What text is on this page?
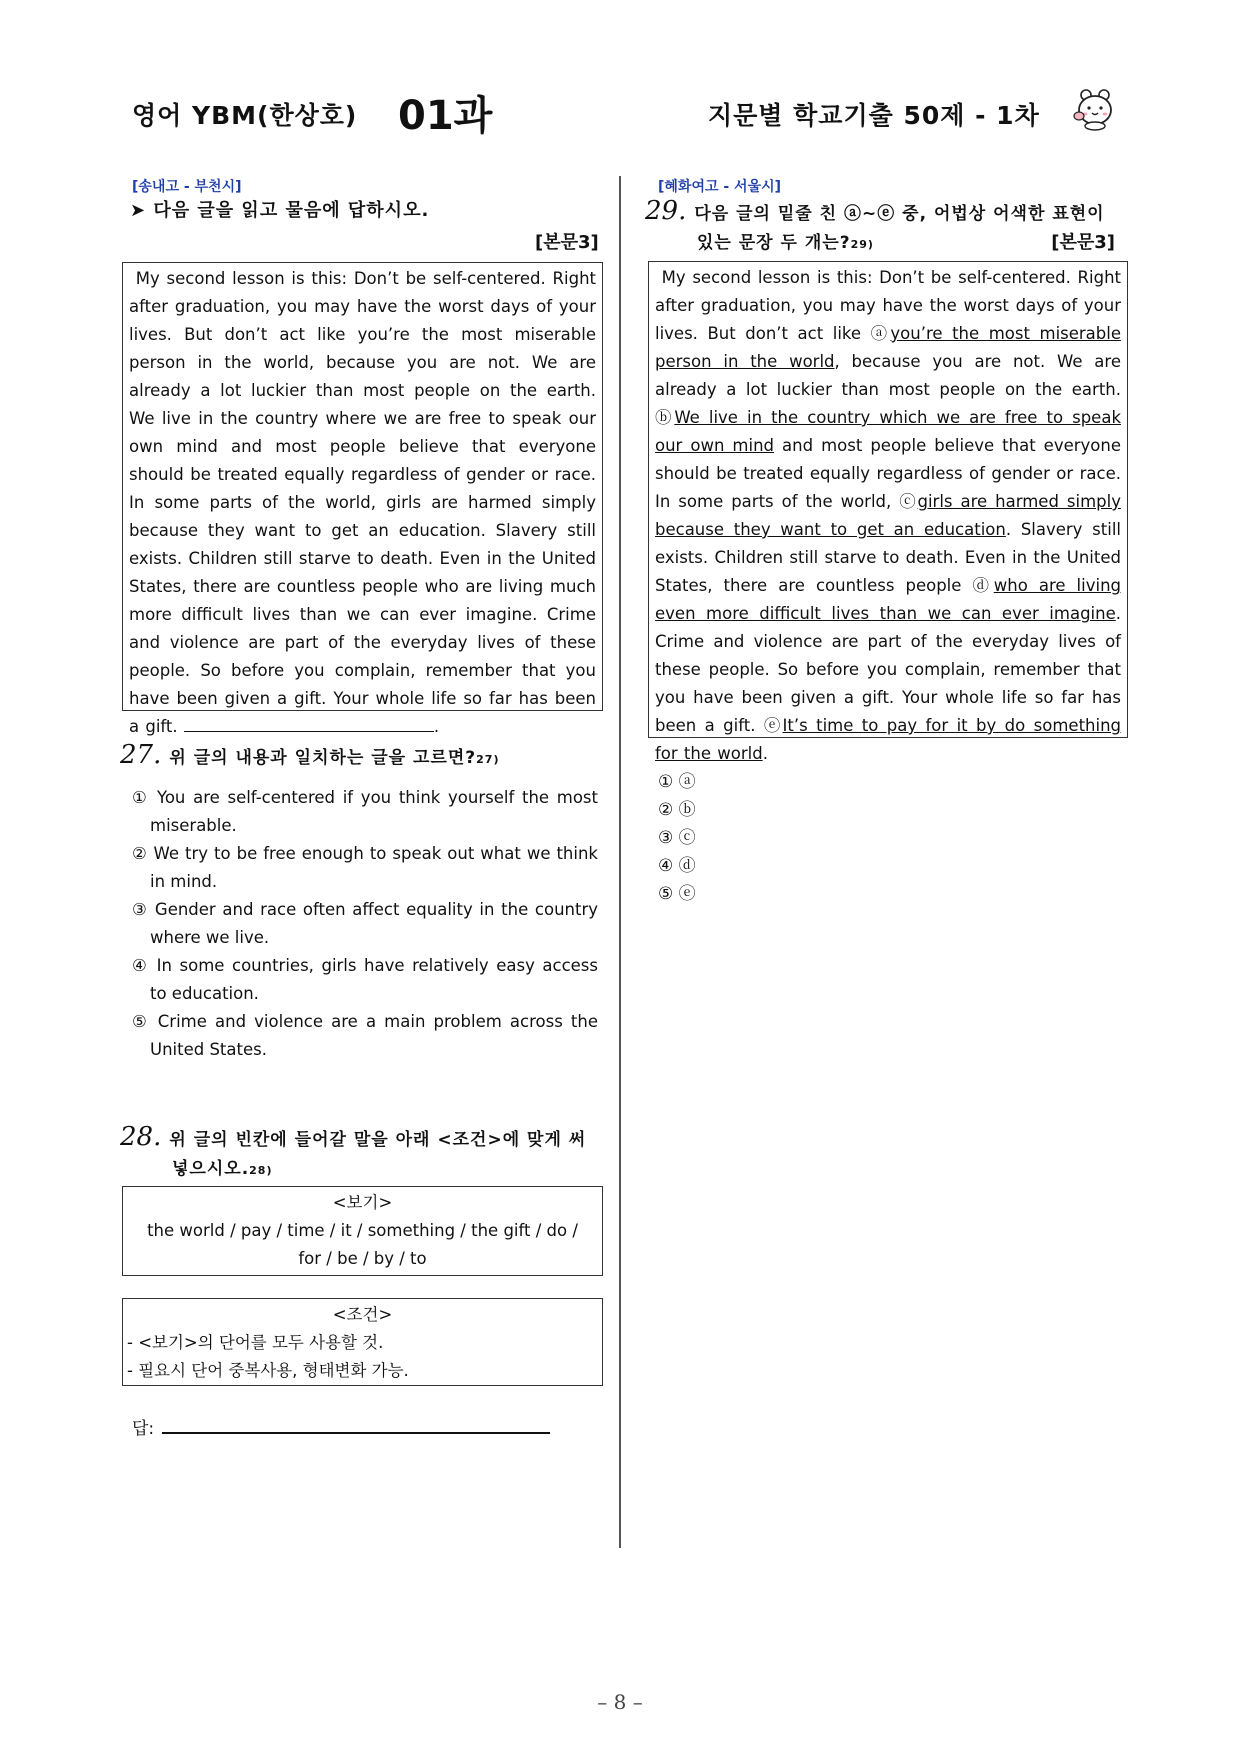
영어 YBM(한상호) 01과	지문별 학교기출 50제 - 1차
[송내고 - 부천시]
➤ 다음 글을 읽고 물음에 답하시오.
[본문3]

My second lesson is this: Don’t be self-centered. Right after graduation, you may have the worst days of your lives. But don’t act like you’re the most miserable person in the world, because you are not. We are already a lot luckier than most people on the earth. We live in the country where we are free to speak our own mind and most people believe that everyone should be treated equally regardless of gender or race. In some parts of the world, girls are harmed simply because they want to get an education. Slavery still exists. Children still starve to death. Even in the United States, there are countless people who are living much more difficult lives than we can ever imagine. Crime and violence are part of the everyday lives of these people. So before you complain, remember that you have been given a gift. Your whole life so far has been a gift.	.

27. 위 글의 내용과 일치하는 글을 고르면? 27)

① You are self-centered if you think yourself the most miserable.

② We try to be free enough to speak out what we think in mind.

③ Gender and race often affect equality in the country where we live.

④ In some countries, girls have relatively easy access to education.

⑤ Crime and violence are a main problem across the United States.

28. 위 글의 빈칸에 들어갈 말을 아래 <조건>에 맞게 써
넣으시오.28)
<보기>
the world / pay / time / it / something / the gift / do /
for / be / by / to
<조건>
- <보기>의 단어를 모두 사용할 것.
- 필요시 단어 중복사용, 형태변화 가능.
답:
[혜화여고 - 서울시]
29. 다음 글의 밑줄 친 ⓐ~ⓔ 중, 어법상 어색한 표현이
있는 문장 두 개는?29)	[본문3]

My second lesson is this: Don’t be self-centered. Right after graduation, you may have the worst days of your lives. But don’t act like ⓐyou’re the most miserable person in the world, because you are not. We are already a lot luckier than most people on the earth. ⓑWe live in the country which we are free to speak our own mind and most people believe that everyone should be treated equally regardless of gender or race. In some parts of the world, ⓒgirls are harmed simply because they want to get an education. Slavery still exists. Children still starve to death. Even in the United States, there are countless people ⓓwho are living even more difficult lives than we can ever imagine. Crime and violence are part of the everyday lives of these people. So before you complain, remember that you have been given a gift. Your whole life so far has been a gift. ⓔIt’s time to pay for it by do something for the world.

① ⓐ
② ⓑ
③ ⓒ
④ ⓓ
⑤ ⓔ
– 8 –
